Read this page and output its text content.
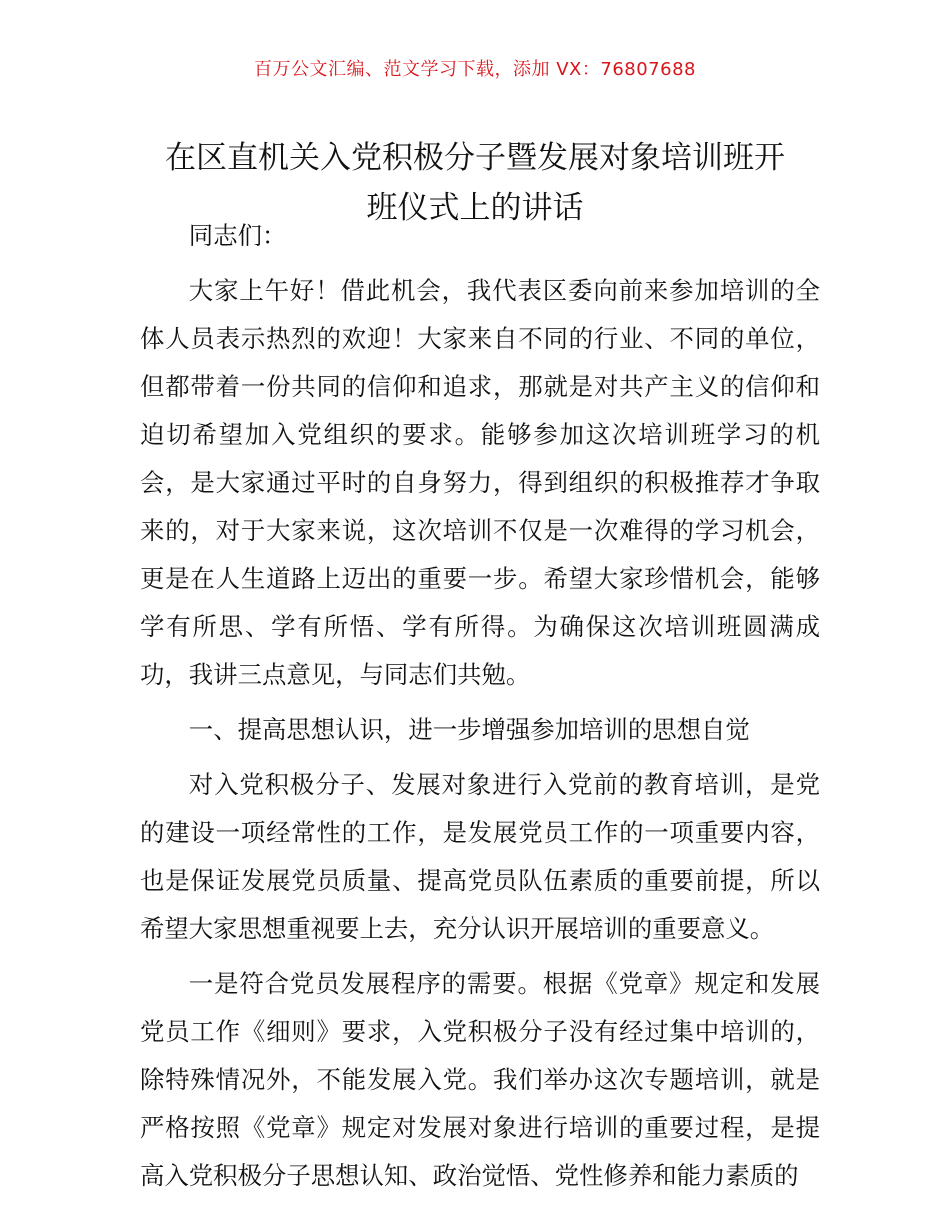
百万公文汇编、范文学习下载，添加 VX：76807688
在区直机关入党积极分子暨发展对象培训班开
班仪式上的讲话

同志们：

大家上午好！借此机会，我代表区委向前来参加培训的全体人员表示热烈的欢迎！大家来自不同的行业、不同的单位，但都带着一份共同的信仰和追求，那就是对共产主义的信仰和迫切希望加入党组织的要求。能够参加这次培训班学习的机会，是大家通过平时的自身努力，得到组织的积极推荐才争取来的，对于大家来说，这次培训不仅是一次难得的学习机会，更是在人生道路上迈出的重要一步。希望大家珍惜机会，能够学有所思、学有所悟、学有所得。为确保这次培训班圆满成功，我讲三点意见，与同志们共勉。

一、提高思想认识，进一步增强参加培训的思想自觉

对入党积极分子、发展对象进行入党前的教育培训，是党的建设一项经常性的工作，是发展党员工作的一项重要内容，也是保证发展党员质量、提高党员队伍素质的重要前提，所以希望大家思想重视要上去，充分认识开展培训的重要意义。

一是符合党员发展程序的需要。根据《党章》规定和发展党员工作《细则》要求，入党积极分子没有经过集中培训的，除特殊情况外，不能发展入党。我们举办这次专题培训，就是严格按照《党章》规定对发展对象进行培训的重要过程，是提高入党积极分子思想认知、政治觉悟、党性修养和能力素质的
